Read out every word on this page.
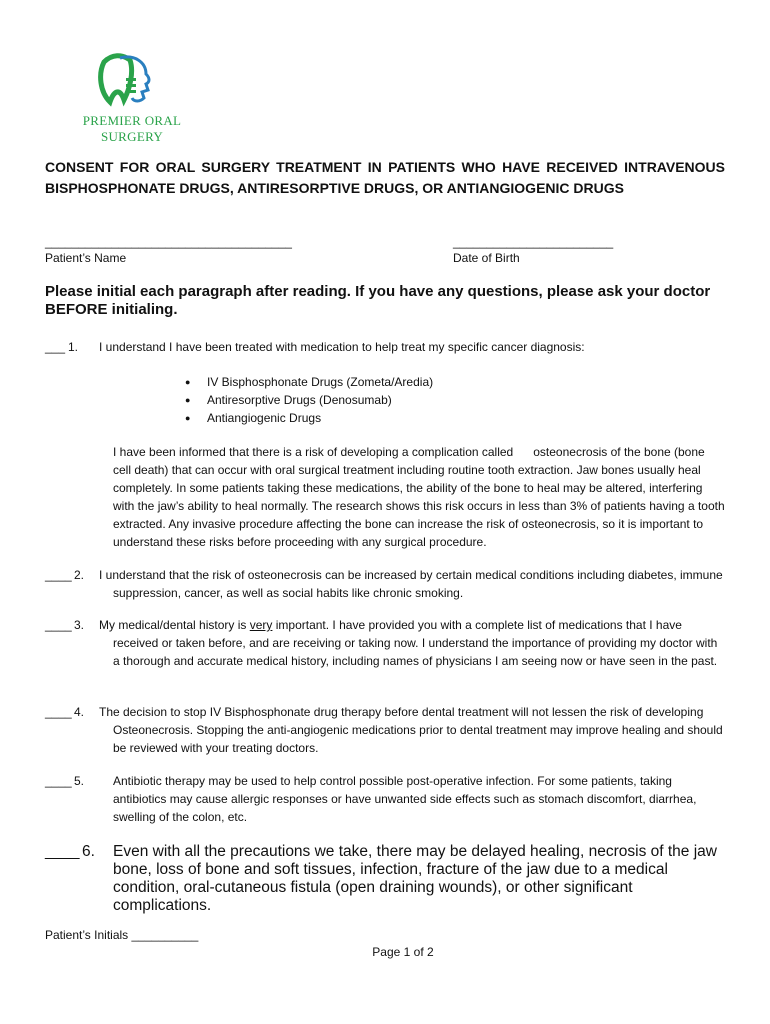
PREMIER ORAL SURGERY
CONSENT FOR ORAL SURGERY TREATMENT IN PATIENTS WHO HAVE RECEIVED INTRAVENOUS BISPHOSPHONATE DRUGS, ANTIRESORPTIVE DRUGS, OR ANTIANGIOGENIC DRUGS
_____________________________________
Patient’s Name
________________________
Date of Birth
Please initial each paragraph after reading. If you have any questions, please ask your doctor BEFORE initialing.
___ 1. I understand I have been treated with medication to help treat my specific cancer diagnosis:
● IV Bisphosphonate Drugs (Zometa/Aredia)
● Antiresorptive Drugs (Denosumab)
● Antiangiogenic Drugs
I have been informed that there is a risk of developing a complication called      osteonecrosis of the bone (bone cell death) that can occur with oral surgical treatment including routine tooth extraction. Jaw bones usually heal completely. In some patients taking these medications, the ability of the bone to heal may be altered, interfering with the jaw’s ability to heal normally. The research shows this risk occurs in less than 3% of patients having a tooth extracted. Any invasive procedure affecting the bone can increase the risk of osteonecrosis, so it is important to understand these risks before proceeding with any surgical procedure.
____ 2. I understand that the risk of osteonecrosis can be increased by certain medical conditions including diabetes, immune suppression, cancer, as well as social habits like chronic smoking.
____ 3. My medical/dental history is very important. I have provided you with a complete list of medications that I have received or taken before, and are receiving or taking now. I understand the importance of providing my doctor with a thorough and accurate medical history, including names of physicians I am seeing now or have seen in the past.
____ 4. The decision to stop IV Bisphosphonate drug therapy before dental treatment will not lessen the risk of developing Osteonecrosis. Stopping the anti-angiogenic medications prior to dental treatment may improve healing and should be reviewed with your treating doctors.
____ 5. Antibiotic therapy may be used to help control possible post-operative infection. For some patients, taking antibiotics may cause allergic responses or have unwanted side effects such as stomach discomfort, diarrhea, swelling of the colon, etc.
____ 6. Even with all the precautions we take, there may be delayed healing, necrosis of the jaw bone, loss of bone and soft tissues, infection, fracture of the jaw due to a medical condition, oral-cutaneous fistula (open draining wounds), or other significant complications.
Patient’s Initials __________
Page 1 of 2
